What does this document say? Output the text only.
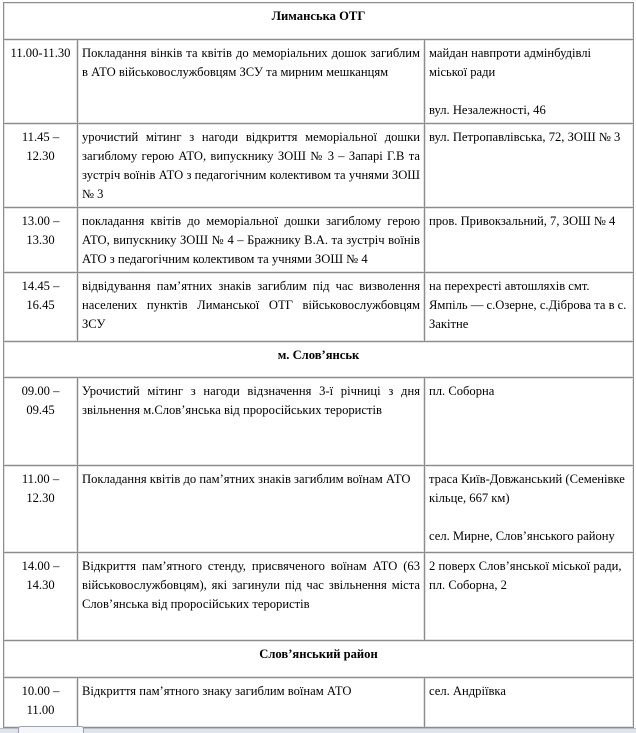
Лиманська ОТГ		

11.00-11.30	Покладання вінків та квітів до меморіальних дошок загиблим в АТО військовослужбовцям ЗСУ та мирним мешканцям	майдан навпроти адмінбудівлі міської ради
вул. Незалежності, 46

11.45 –
12.30	урочистий мітинг з нагоди відкриття меморіальної дошки загиблому герою АТО, випускнику ЗОШ № 3 – Запарі Г.В та зустріч воїнів АТО з педагогічним колективом та учнями ЗОШ № 3	вул. Петропавлівська, 72, ЗОШ № 3

13.00 –
13.30	покладання квітів до меморіальної дошки загиблому герою АТО, випускнику ЗОШ № 4 – Бражнику В.А. та зустріч воїнів АТО з педагогічним колективом та учнями ЗОШ № 4	пров. Привокзальний, 7, ЗОШ № 4

14.45 –
16.45	відвідування пам’ятних знаків загиблим під час визволення населених пунктів Лиманської ОТГ військовослужбовцям ЗСУ	на перехресті автошляхів смт. Ямпіль — с.Озерне, с.Діброва та в с. Закітне

м. Слов’янськ		

09.00 –
09.45	Урочистий мітинг з нагоди відзначення 3-ї річниці з дня звільнення м.Слов’янська від проросійських терористів	пл. Соборна

11.00 –
12.30	Покладання квітів до пам’ятних знаків загиблим воїнам АТО	траса Київ-Довжанський (Семенівке кільце, 667 км)
сел. Мирне, Слов’янського району

14.00 –
14.30	Відкриття пам’ятного стенду, присвяченого воїнам АТО (63 військовослужбовцям), які загинули під час звільнення міста Слов’янська від проросійських терористів	2 поверх Слов’янської міської ради, пл. Соборна, 2

Слов’янський район		

10.00 –
11.00	Відкриття пам’ятного знаку загиблим воїнам АТО	сел. Андріївка
